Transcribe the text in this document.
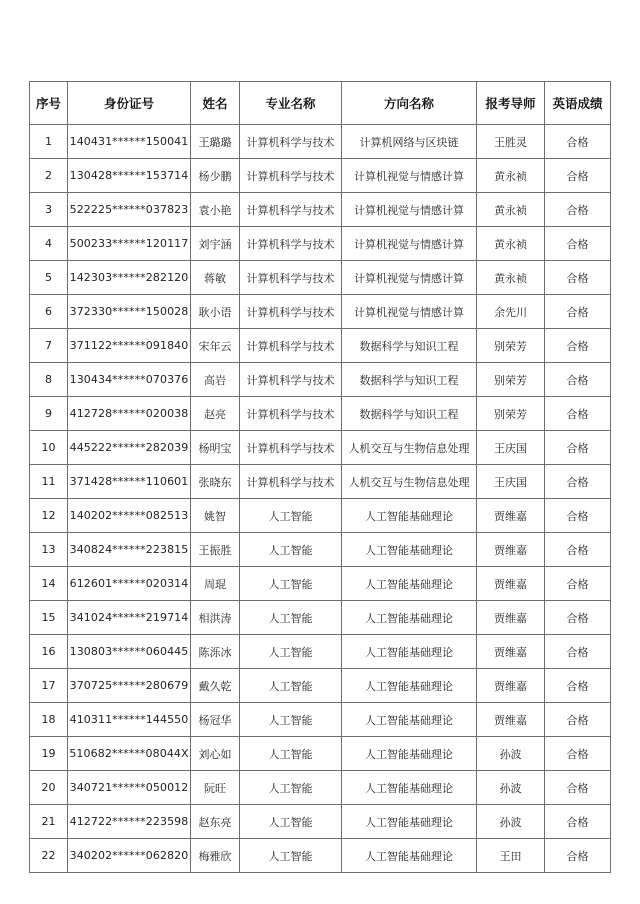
序号	身份证号	姓名	专业名称	方向名称	报考导师	英语成绩
1	140431******150041	王璐璐	计算机科学与技术	计算机网络与区块链	王胜灵	合格
2	130428******153714	杨少鹏	计算机科学与技术	计算机视觉与情感计算	黄永祯	合格
3	522225******037823	袁小艳	计算机科学与技术	计算机视觉与情感计算	黄永祯	合格
4	500233******120117	刘宇涵	计算机科学与技术	计算机视觉与情感计算	黄永祯	合格
5	142303******282120	蒋敏	计算机科学与技术	计算机视觉与情感计算	黄永祯	合格
6	372330******150028	耿小语	计算机科学与技术	计算机视觉与情感计算	余先川	合格
7	371122******091840	宋年云	计算机科学与技术	数据科学与知识工程	别荣芳	合格
8	130434******070376	高岩	计算机科学与技术	数据科学与知识工程	别荣芳	合格
9	412728******020038	赵亮	计算机科学与技术	数据科学与知识工程	别荣芳	合格
10	445222******282039	杨明宝	计算机科学与技术	人机交互与生物信息处理	王庆国	合格
11	371428******110601	张晓东	计算机科学与技术	人机交互与生物信息处理	王庆国	合格
12	140202******082513	姚智	人工智能	人工智能基础理论	贾维嘉	合格
13	340824******223815	王振胜	人工智能	人工智能基础理论	贾维嘉	合格
14	612601******020314	周琨	人工智能	人工智能基础理论	贾维嘉	合格
15	341024******219714	相洪涛	人工智能	人工智能基础理论	贾维嘉	合格
16	130803******060445	陈泺冰	人工智能	人工智能基础理论	贾维嘉	合格
17	370725******280679	戴久乾	人工智能	人工智能基础理论	贾维嘉	合格
18	410311******144550	杨冠华	人工智能	人工智能基础理论	贾维嘉	合格
19	510682******08044X	刘心如	人工智能	人工智能基础理论	孙波	合格
20	340721******050012	阮旺	人工智能	人工智能基础理论	孙波	合格
21	412722******223598	赵东亮	人工智能	人工智能基础理论	孙波	合格
22	340202******062820	梅雅欣	人工智能	人工智能基础理论	王田	合格
